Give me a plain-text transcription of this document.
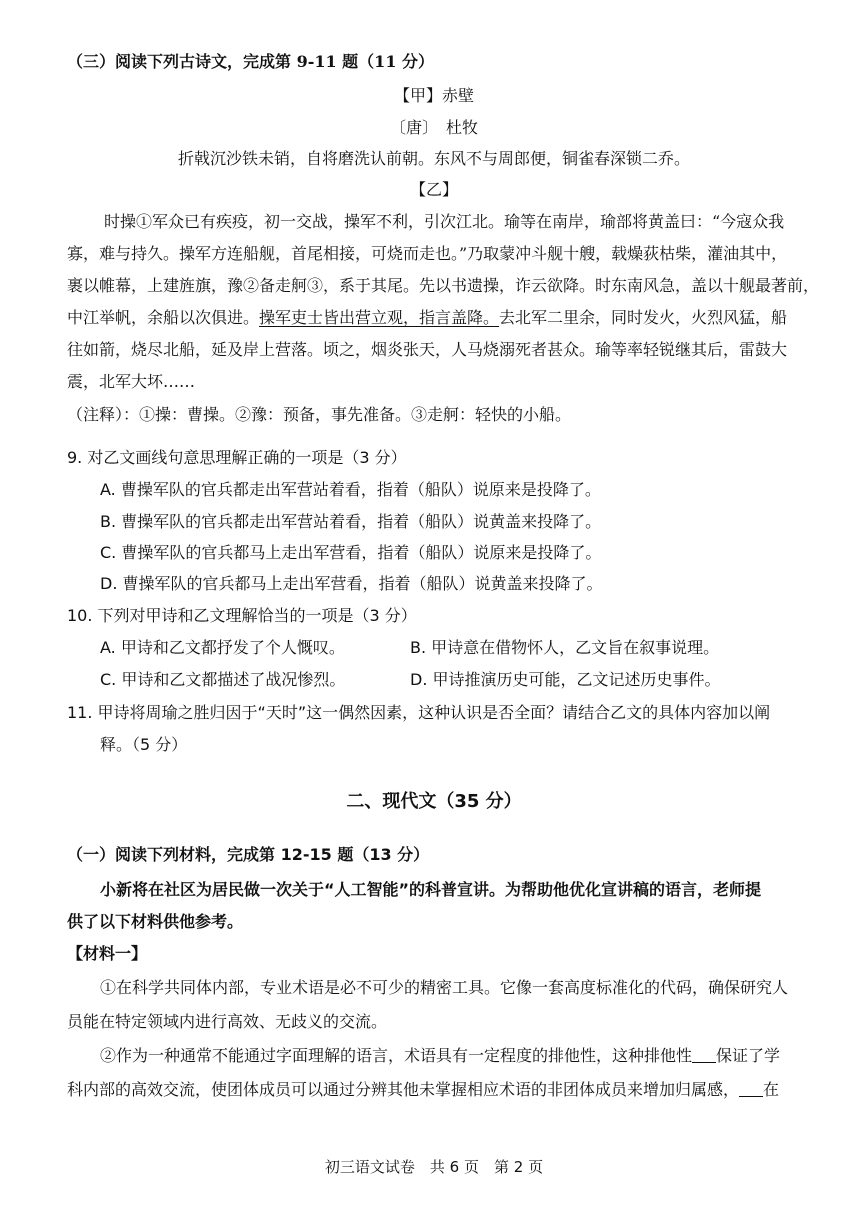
（三）阅读下列古诗文，完成第 9-11 题（11 分）
【甲】赤壁
〔唐〕　杜牧
折戟沉沙铁未销，自将磨洗认前朝。东风不与周郎便，铜雀春深锁二乔。
【乙】
时操①军众已有疾疫，初一交战，操军不利，引次江北。瑜等在南岸，瑜部将黄盖曰：“今寇众我
寡，难与持久。操军方连船舰，首尾相接，可烧而走也。”乃取蒙冲斗舰十艘，载燥荻枯柴，灌油其中，
裹以帷幕，上建旌旗，豫②备走舸③，系于其尾。先以书遗操，诈云欲降。时东南风急，盖以十舰最著前，
中江举帆，余船以次俱进。操军吏士皆出营立观，指言盖降。去北军二里余，同时发火，火烈风猛，船
往如箭，烧尽北船，延及岸上营落。顷之，烟炎张天，人马烧溺死者甚众。瑜等率轻锐继其后，雷鼓大
震，北军大坏……
（注释）：①操：曹操。②豫：预备，事先准备。③走舸：轻快的小船。
9. 对乙文画线句意思理解正确的一项是（3 分）
A. 曹操军队的官兵都走出军营站着看，指着（船队）说原来是投降了。
B. 曹操军队的官兵都走出军营站着看，指着（船队）说黄盖来投降了。
C. 曹操军队的官兵都马上走出军营看，指着（船队）说原来是投降了。
D. 曹操军队的官兵都马上走出军营看，指着（船队）说黄盖来投降了。
10. 下列对甲诗和乙文理解恰当的一项是（3 分）
A. 甲诗和乙文都抒发了个人慨叹。	B. 甲诗意在借物怀人，乙文旨在叙事说理。
C. 甲诗和乙文都描述了战况惨烈。	D. 甲诗推演历史可能，乙文记述历史事件。
11. 甲诗将周瑜之胜归因于“天时”这一偶然因素，这种认识是否全面？请结合乙文的具体内容加以阐
释。（5 分）
二、现代文（35 分）
（一）阅读下列材料，完成第 12-15 题（13 分）
小新将在社区为居民做一次关于“人工智能”的科普宣讲。为帮助他优化宣讲稿的语言，老师提
供了以下材料供他参考。
【材料一】
①在科学共同体内部，专业术语是必不可少的精密工具。它像一套高度标准化的代码，确保研究人
员能在特定领域内进行高效、无歧义的交流。
②作为一种通常不能通过字面理解的语言，术语具有一定程度的排他性，这种排他性 保证了学
科内部的高效交流，使团体成员可以通过分辨其他未掌握相应术语的非团体成员来增加归属感， 在
初三语文试卷　共 6 页　第 2 页
